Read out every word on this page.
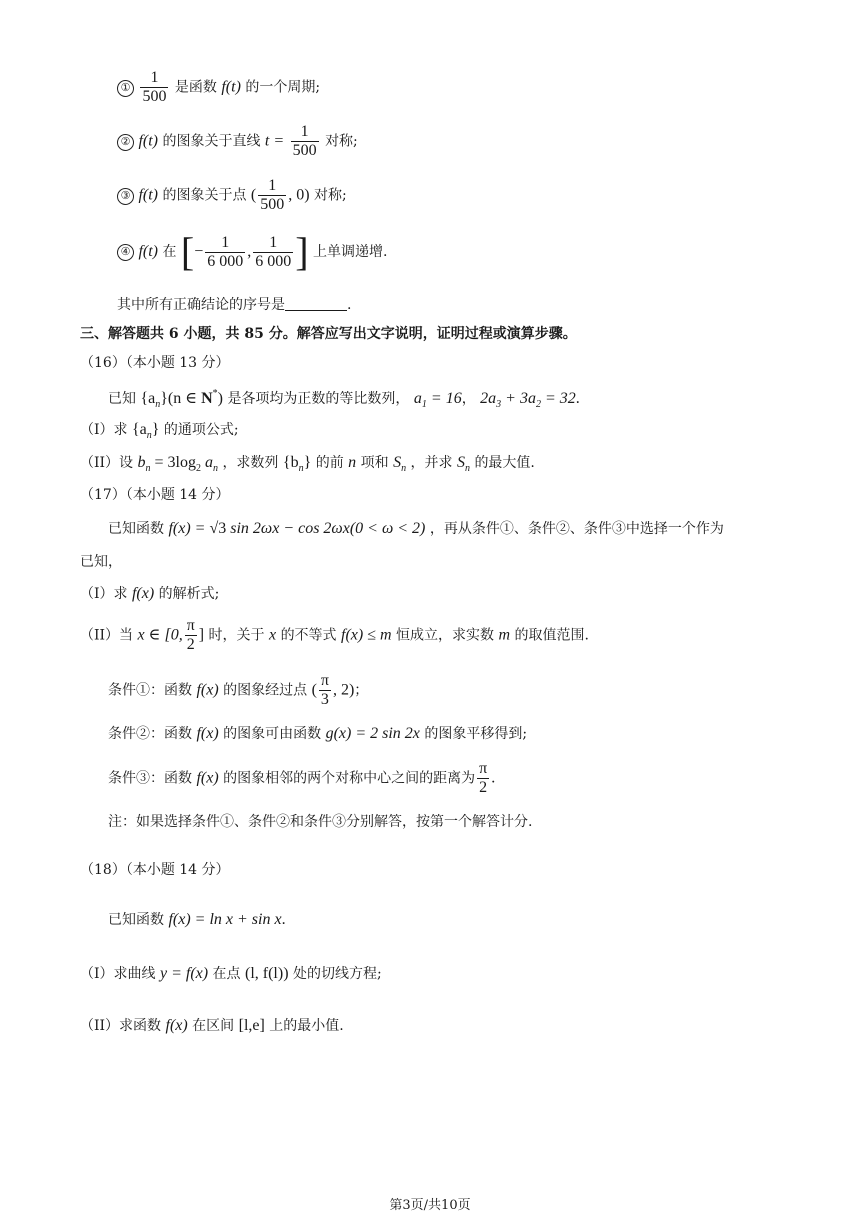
① $\frac{1}{500}$ 是函数 f(t) 的一个周期;
② f(t) 的图象关于直线 $t = \frac{1}{500}$ 对称;
③ f(t) 的图象关于点 ( $\frac{1}{500}$ , 0) 对称;
④ f(t) 在 [− $\frac{1}{6 000}$ , $\frac{1}{6 000}$ ] 上单调递增.
其中所有正确结论的序号是	.
三、解答题共 6 小题，共 85 分。解答应写出文字说明，证明过程或演算步骤。
（16）（本小题 13 分）
已知 $\{a_n\}(n$ ∈ N*) 是各项均为正数的等比数列， $a_1 = 16$， $2a_3 + 3a_2 = 32$.
（I）求 $\{a_n\}$ 的通项公式;
（II）设 $b_n = 3\log_2$ $a_n$ ，求数列 $\{b_n\}$ 的前 n 项和 $S_n$ ，并求 $S_n$ 的最大值.
（17）（本小题 14 分）
已知函数 f(x) = √3 sin 2ωx − cos 2ωx(0 < ω < 2) ，再从条件①、条件②、条件③中选择一个作为
已知，
（I）求 f(x) 的解析式;
（II）当 x ∈ [0, $\frac{\pi}{2}$ ] 时，关于 x 的不等式 f(x) ≤ m 恒成立，求实数 m 的取值范围.
条件①：函数 f(x) 的图象经过点 ( $\frac{\pi}{3}$ , 2)；
条件②：函数 f(x) 的图象可由函数 g(x) = 2 sin 2x 的图象平移得到;
条件③：函数 f(x) 的图象相邻的两个对称中心之间的距离为 $\frac{\pi}{2}$ .
注：如果选择条件①、条件②和条件③分别解答，按第一个解答计分.
（18）（本小题 14 分）
已知函数 f(x) = ln x + sin x.
（I）求曲线 y = f(x) 在点 (l, f(l)) 处的切线方程;
（II）求函数 f(x) 在区间 [l,e] 上的最小值.
第3页/共10页
